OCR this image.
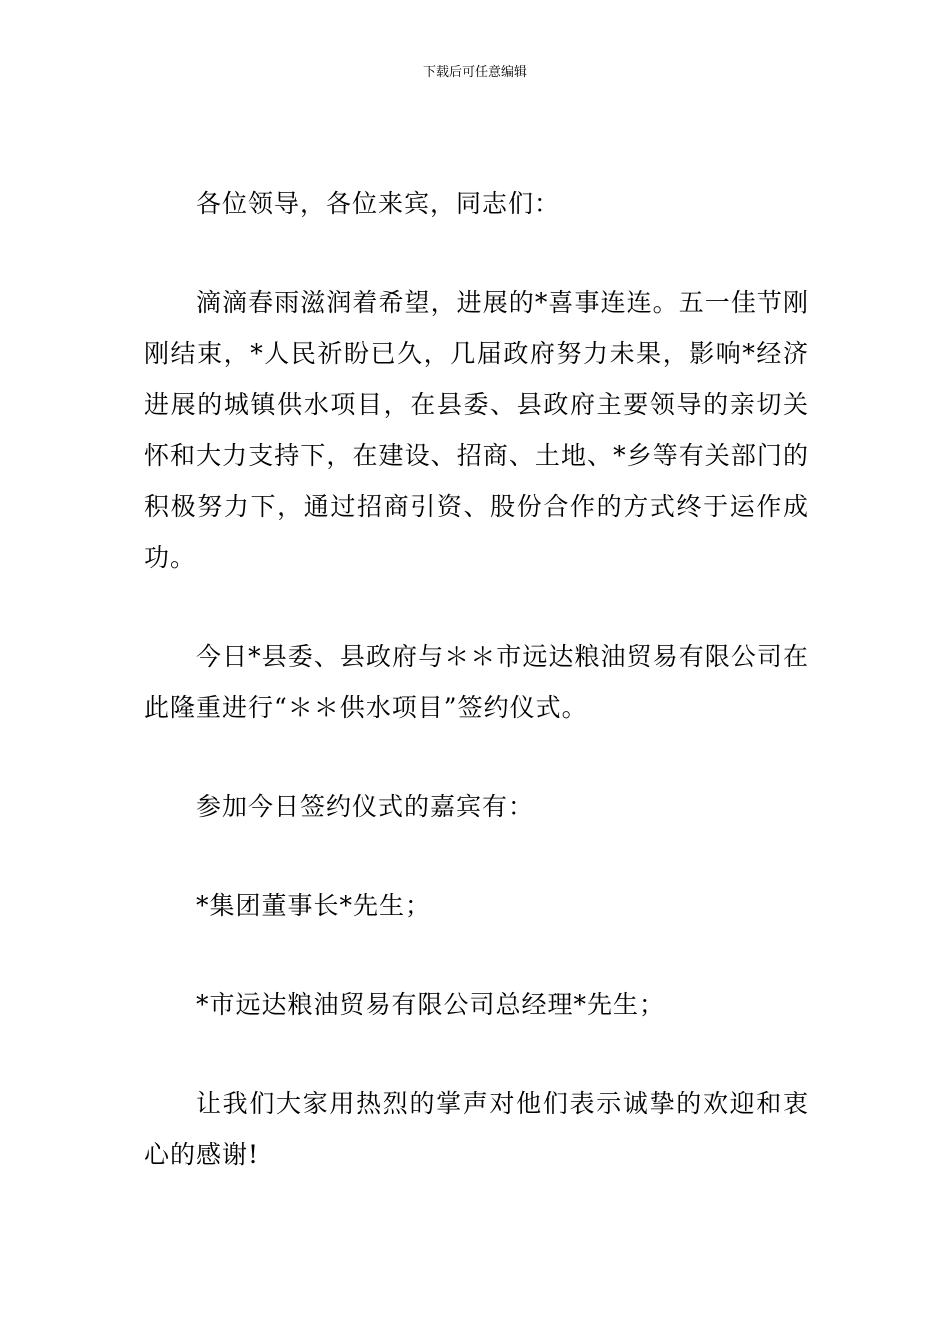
下载后可任意编辑

各位领导，各位来宾，同志们：

滴滴春雨滋润着希望，进展的*喜事连连。五一佳节刚刚结束，*人民祈盼已久，几届政府努力未果，影响*经济进展的城镇供水项目，在县委、县政府主要领导的亲切关怀和大力支持下，在建设、招商、土地、*乡等有关部门的积极努力下，通过招商引资、股份合作的方式终于运作成功。

今日*县委、县政府与＊＊市远达粮油贸易有限公司在此隆重进行“＊＊供水项目”签约仪式。

参加今日签约仪式的嘉宾有：

*集团董事长*先生；

*市远达粮油贸易有限公司总经理*先生；

让我们大家用热烈的掌声对他们表示诚挚的欢迎和衷心的感谢!
